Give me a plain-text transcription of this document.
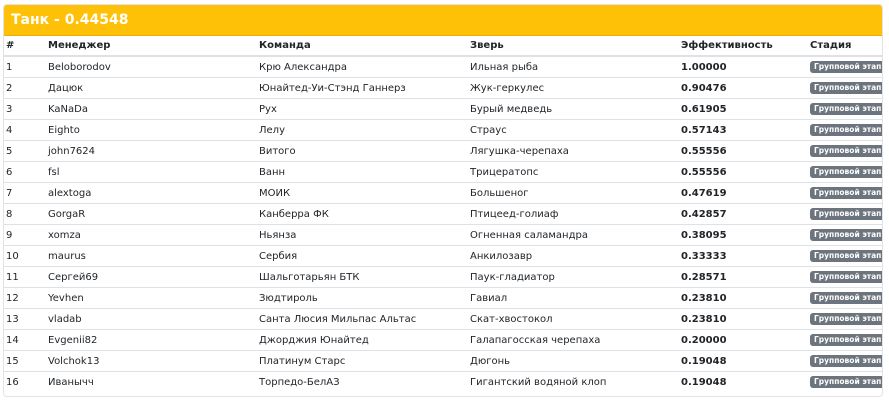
Танк - 0.44548
#	Менеджер	Команда	Зверь	Эффективность	Стадия
1	Beloborodov	Крю Александра	Ильная рыба	1.00000	Групповой этап
2	Дацюк	Юнайтед-Уи-Стэнд Ганнерз	Жук-геркулес	0.90476	Групповой этап
3	KaNaDa	Рух	Бурый медведь	0.61905	Групповой этап
4	Eighto	Лелу	Страус	0.57143	Групповой этап
5	john7624	Витого	Лягушка-черепаха	0.55556	Групповой этап
6	fsl	Ванн	Трицератопс	0.55556	Групповой этап
7	alextoga	МОИК	Большеног	0.47619	Групповой этап
8	GorgaR	Канберра ФК	Птицеед-голиаф	0.42857	Групповой этап
9	xomza	Ньянза	Огненная саламандра	0.38095	Групповой этап
10	maurus	Сербия	Анкилозавр	0.33333	Групповой этап
11	Сергей69	Шальготарьян БТК	Паук-гладиатор	0.28571	Групповой этап
12	Yevhen	Зюдтироль	Гавиал	0.23810	Групповой этап
13	vladab	Санта Люсия Мильпас Альтас	Скат-хвостокол	0.23810	Групповой этап
14	Evgenii82	Джорджия Юнайтед	Галапагосская черепаха	0.20000	Групповой этап
15	Volchok13	Платинум Старс	Дюгонь	0.19048	Групповой этап
16	Иванычч	Торпедо-БелАЗ	Гигантский водяной клоп	0.19048	Групповой этап
